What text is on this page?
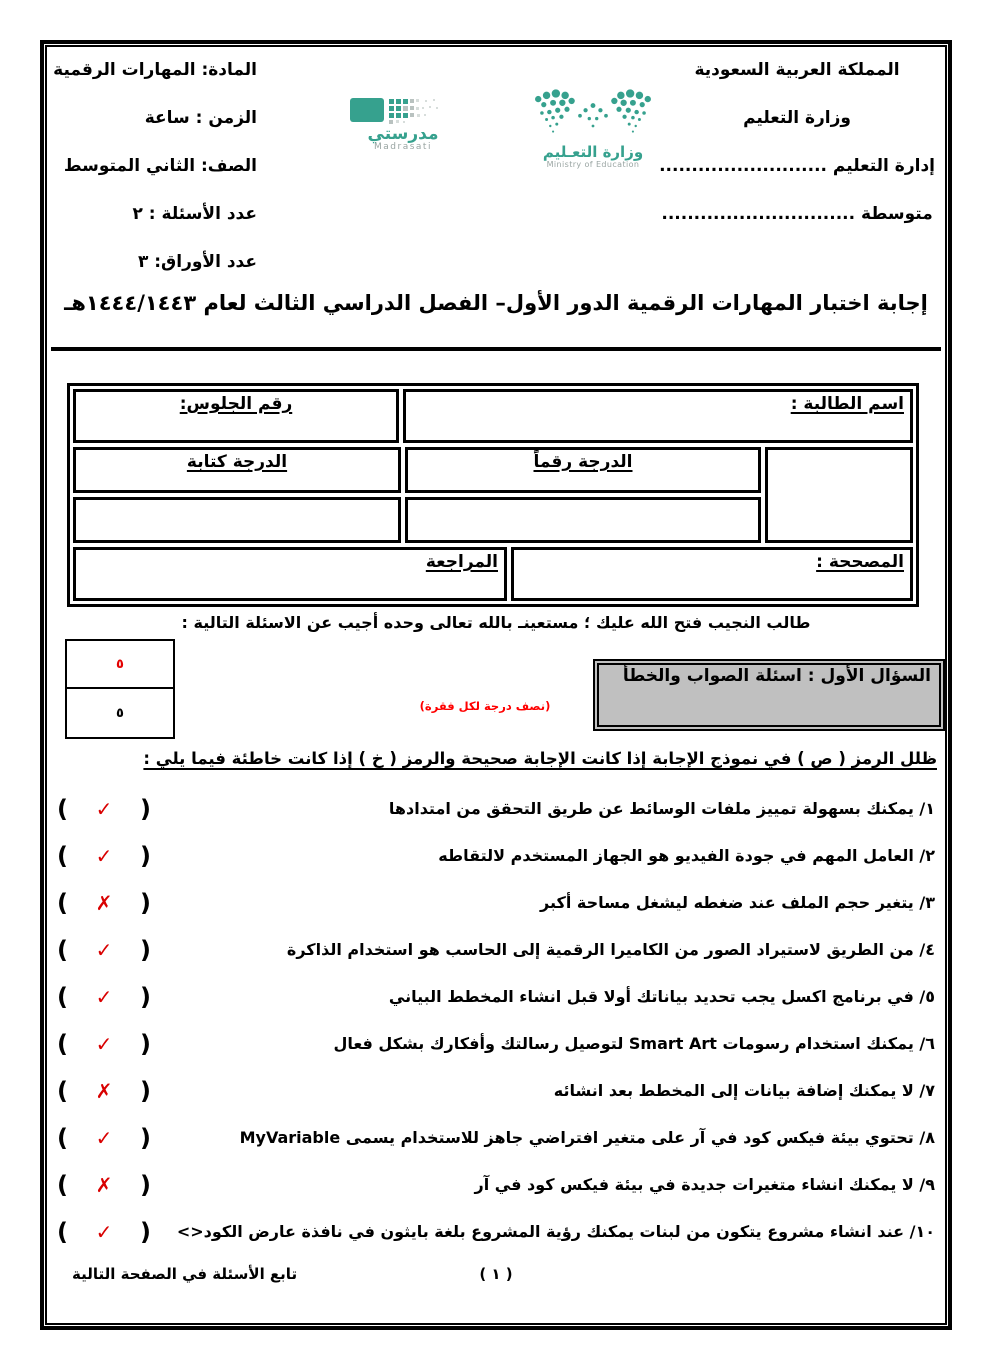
المملكة العربية السعودية
وزارة التعليم
إدارة التعليم ..........................
متوسطة ..............................
المادة: المهارات الرقمية
الزمن : ساعة
الصف: الثاني المتوسط
عدد الأسئلة : ٢
عدد الأوراق: ٣
مدرستي
Madrasati	وزارة التعـليم
Ministry of Education
إجابة اختبار المهارات الرقمية الدور الأول– الفصل الدراسي الثالث لعام ١٤٤٤/١٤٤٣هـ
اسم الطالبة :
رقم الجلوس:
الدرجة رقماً
الدرجة كتابة
المصححة :
المراجعة
طالب النجيب فتح الله عليك ؛ مستعينـ بالله تعالى وحده أجيب عن الاسئلة التالية :
٥
٥
السؤال الأول : اسئلة الصواب والخطأ
(نصف درجة لكل فقرة)
ظلل الرمز ( ص ) في نموذج الإجابة إذا كانت الإجابة صحيحة والرمز ( خ ) إذا كانت خاطئة فيما يلي :
١/ يمكنك بسهولة تمييز ملفات الوسائط عن طريق التحقق من امتدادها
( ✓ )
٢/ العامل المهم في جودة الفيديو هو الجهاز المستخدم لالتقاطه
( ✓ )
٣/ يتغير حجم الملف عند ضغطه ليشغل مساحة أكبر
( ✗ )
٤/ من الطريق لاستيراد الصور من الكاميرا الرقمية إلى الحاسب هو استخدام الذاكرة
( ✓ )
٥/ في برنامج اكسل يجب تحديد بياناتك أولا قبل انشاء المخطط البياني
( ✓ )
٦/ يمكنك استخدام رسومات Smart Art لتوصيل رسالتك وأفكارك بشكل فعال
( ✓ )
٧/ لا يمكنك إضافة بيانات إلى المخطط بعد انشائه
( ✗ )
٨/ تحتوي بيئة فيكس كود في آر على متغير افتراضي جاهز للاستخدام يسمى MyVariable
( ✓ )
٩/ لا يمكنك انشاء متغيرات جديدة في بيئة فيكس كود في آر
( ✗ )
١٠/ عند انشاء مشروع يتكون من لبنات يمكنك رؤية المشروع بلغة بايثون في نافذة عارض الكود<>
( ✓ )
( ١ )
تابع الأسئلة في الصفحة التالية
